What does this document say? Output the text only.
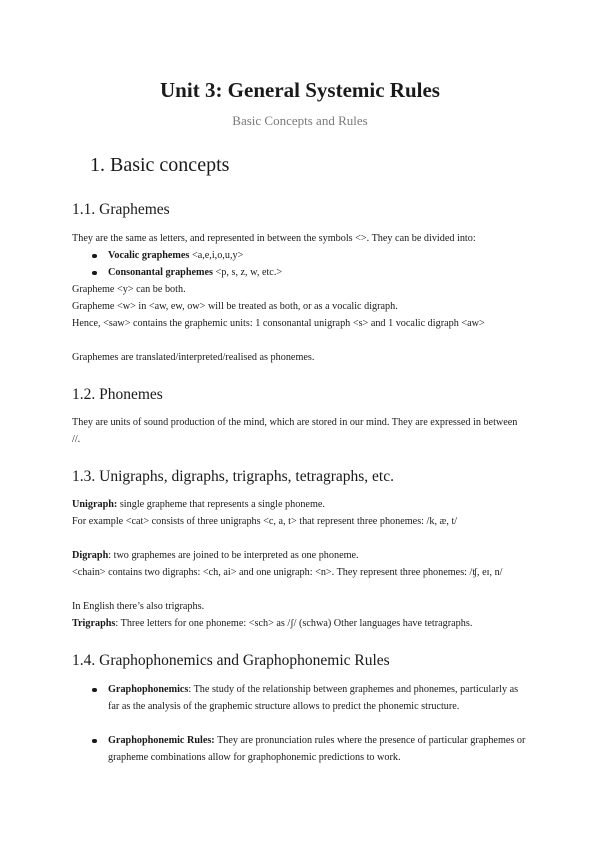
Unit 3: General Systemic Rules
Basic Concepts and Rules
1. Basic concepts
1.1. Graphemes

They are the same as letters, and represented in between the symbols <>. They can be divided into:

Vocalic graphemes <a,e,i,o,u,y>
Consonantal graphemes <p, s, z, w, etc.>

Grapheme <y> can be both.

Grapheme <w> in <aw, ew, ow> will be treated as both, or as a vocalic digraph.

Hence, <saw> contains the graphemic units: 1 consonantal unigraph <s> and 1 vocalic digraph <aw>

Graphemes are translated/interpreted/realised as phonemes.

1.2. Phonemes

They are units of sound production of the mind, which are stored in our mind. They are expressed in between //.

1.3. Unigraphs, digraphs, trigraphs, tetragraphs, etc.

Unigraph: single grapheme that represents a single phoneme.

For example <cat> consists of three unigraphs <c, a, t> that represent three phonemes: /k, æ, t/

Digraph: two graphemes are joined to be interpreted as one phoneme.

<chain> contains two digraphs: <ch, ai> and one unigraph: <n>. They represent three phonemes: /ʧ, eɪ, n/

In English there’s also trigraphs.

Trigraphs: Three letters for one phoneme: <sch> as /ʃ/ (schwa) Other languages have tetragraphs.

1.4. Graphophonemics and Graphophonemic Rules
Graphophonemics: The study of the relationship between graphemes and phonemes, particularly as far as the analysis of the graphemic structure allows to predict the phonemic structure.
Graphophonemic Rules: They are pronunciation rules where the presence of particular graphemes or grapheme combinations allow for graphophonemic predictions to work.
